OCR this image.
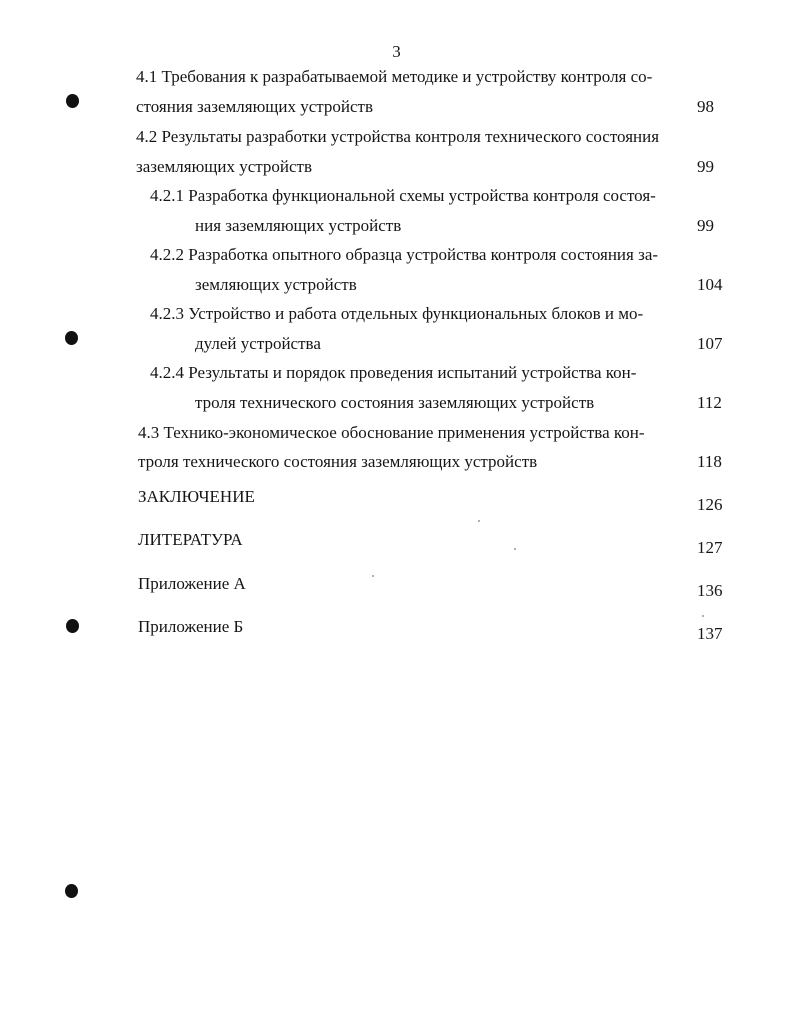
3
4.1 Требования к разрабатываемой методике и устройству контроля со-
стояния заземляющих устройств	98
4.2 Результаты разработки устройства контроля технического состояния
заземляющих устройств	99
4.2.1 Разработка функциональной схемы устройства контроля состоя-
ния заземляющих устройств	99
4.2.2 Разработка опытного образца устройства контроля состояния за-
земляющих устройств	104
4.2.3 Устройство и работа отдельных функциональных блоков и мо-
дулей устройства	107
4.2.4 Результаты и порядок проведения испытаний устройства кон-
троля технического состояния заземляющих устройств	112
4.3 Технико-экономическое обоснование применения устройства кон-
троля технического состояния заземляющих устройств	118
ЗАКЛЮЧЕНИЕ	126
ЛИТЕРАТУРА	127
Приложение А	136
Приложение Б	137
